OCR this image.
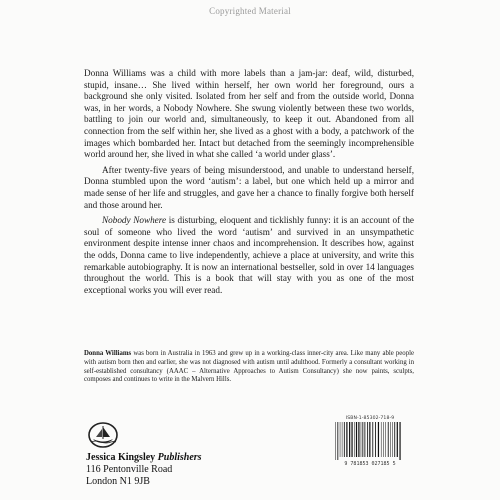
Copyrighted Material

Donna Williams was a child with more labels than a jam-jar: deaf, wild, disturbed, stupid, insane… She lived within herself, her own world her foreground, ours a background she only visited. Isolated from her self and from the outside world, Donna was, in her words, a Nobody Nowhere. She swung violently between these two worlds, battling to join our world and, simultaneously, to keep it out. Abandoned from all connection from the self within her, she lived as a ghost with a body, a patchwork of the images which bombarded her. Intact but detached from the seemingly incomprehensible world around her, she lived in what she called ‘a world under glass’.

After twenty-five years of being misunderstood, and unable to understand herself, Donna stumbled upon the word ‘autism’: a label, but one which held up a mirror and made sense of her life and struggles, and gave her a chance to finally forgive both herself and those around her.

Nobody Nowhere is disturbing, eloquent and ticklishly funny: it is an account of the soul of someone who lived the word ‘autism’ and survived in an unsympathetic environment despite intense inner chaos and incomprehension. It describes how, against the odds, Donna came to live independently, achieve a place at university, and write this remarkable autobiography. It is now an international bestseller, sold in over 14 languages throughout the world. This is a book that will stay with you as one of the most exceptional works you will ever read.

Donna Williams was born in Australia in 1963 and grew up in a working-class inner-city area. Like many able people with autism born then and earlier, she was not diagnosed with autism until adulthood. Formerly a consultant working in self-established consultancy (AAAC – Alternative Approaches to Autism Consultancy) she now paints, sculpts, composes and continues to write in the Malvern Hills.
Jessica Kingsley Publishers
116 Pentonville Road
London N1 9JB
ISBN-1-85302-718-9
9 781853 027185 5
